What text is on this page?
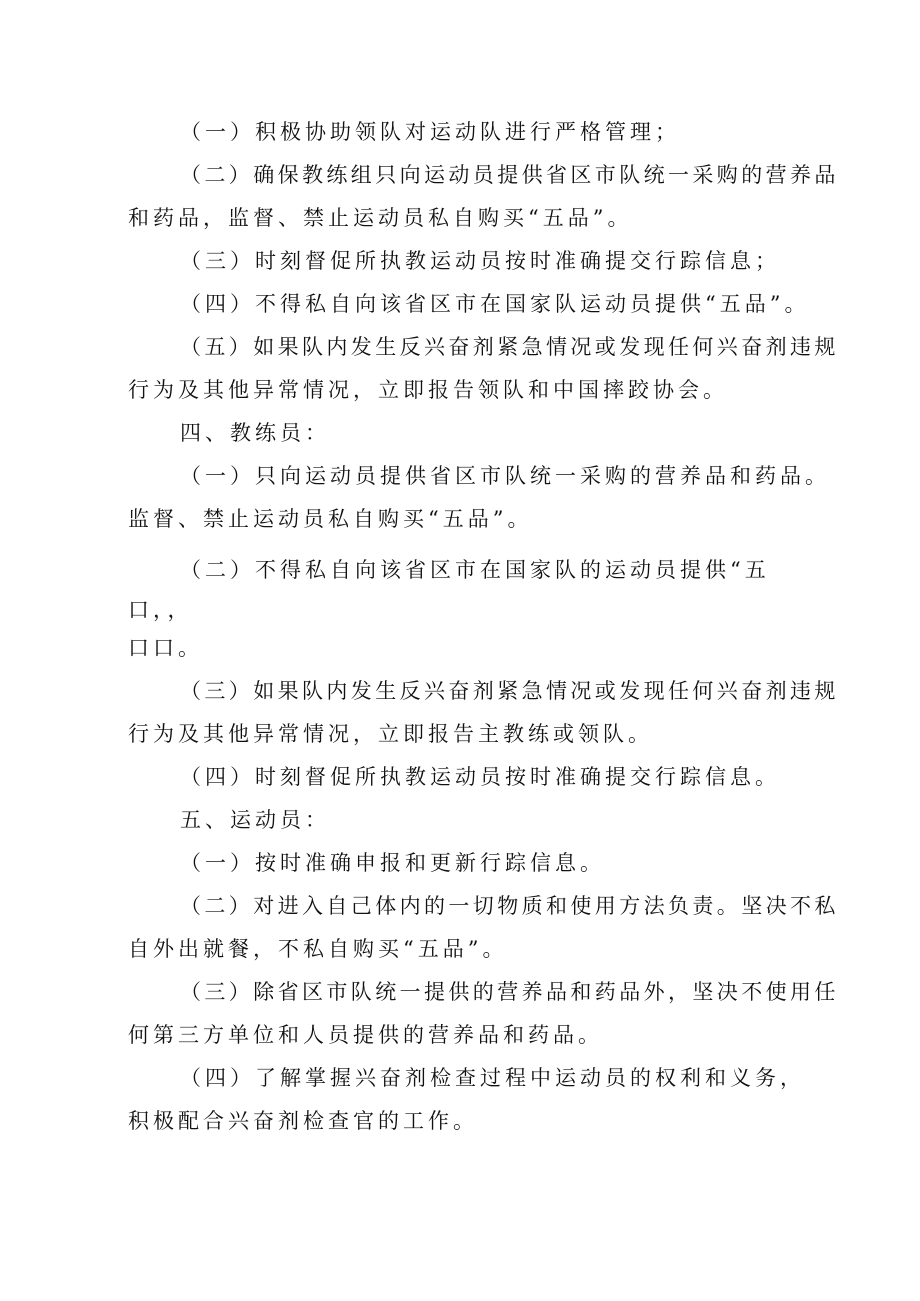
（一）积极协助领队对运动队进行严格管理；
（二）确保教练组只向运动员提供省区市队统一采购的营养品
和药品，监督、禁止运动员私自购买“五品”。
（三）时刻督促所执教运动员按时准确提交行踪信息；
（四）不得私自向该省区市在国家队运动员提供“五品”。
（五）如果队内发生反兴奋剂紧急情况或发现任何兴奋剂违规
行为及其他异常情况，立即报告领队和中国摔跤协会。
四、教练员：
（一）只向运动员提供省区市队统一采购的营养品和药品。
监督、禁止运动员私自购买“五品”。
（二）不得私自向该省区市在国家队的运动员提供“五
口，，
口口。
（三）如果队内发生反兴奋剂紧急情况或发现任何兴奋剂违规
行为及其他异常情况，立即报告主教练或领队。
（四）时刻督促所执教运动员按时准确提交行踪信息。
五、运动员：
（一）按时准确申报和更新行踪信息。
（二）对进入自己体内的一切物质和使用方法负责。坚决不私
自外出就餐，不私自购买“五品”。
（三）除省区市队统一提供的营养品和药品外，坚决不使用任
何第三方单位和人员提供的营养品和药品。
（四）了解掌握兴奋剂检查过程中运动员的权利和义务，
积极配合兴奋剂检查官的工作。
